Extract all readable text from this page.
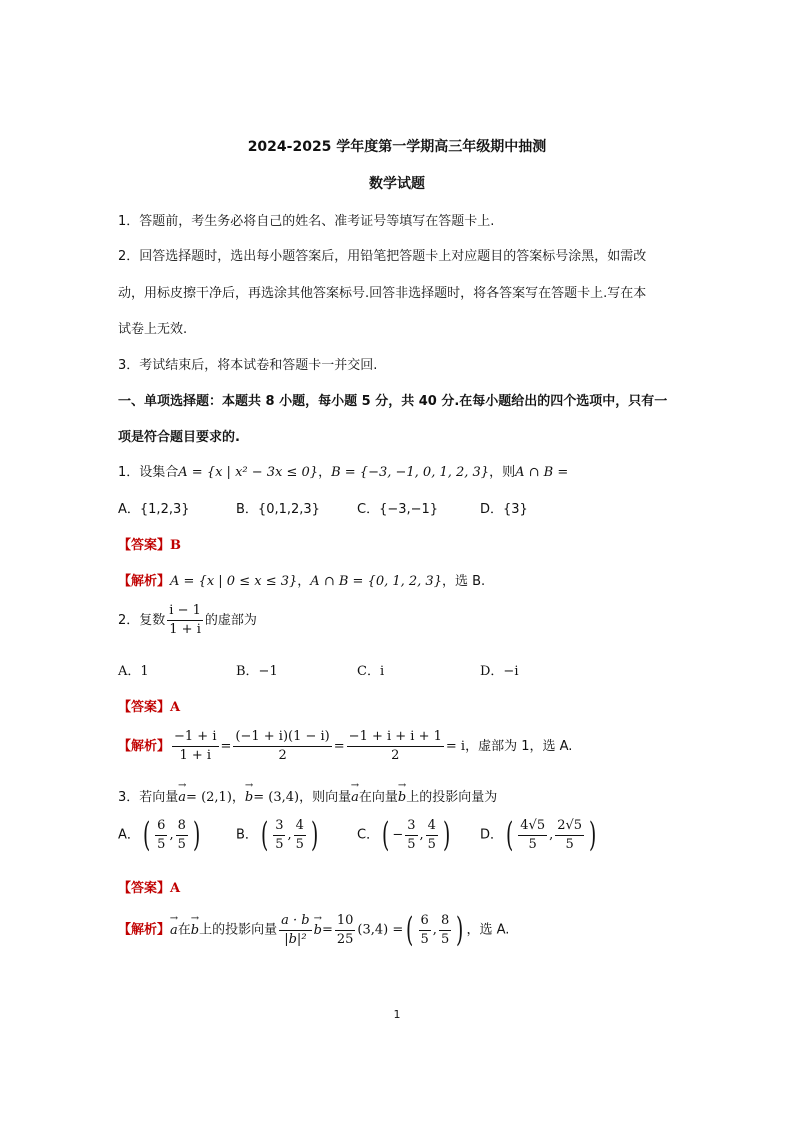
2024-2025 学年度第一学期高三年级期中抽测
数学试题
1．答题前，考生务必将自己的姓名、准考证号等填写在答题卡上.
2．回答选择题时，选出每小题答案后，用铅笔把答题卡上对应题目的答案标号涂黑，如需改
动，用标皮擦干净后，再选涂其他答案标号.回答非选择题时，将各答案写在答题卡上.写在本
试卷上无效.
3．考试结束后，将本试卷和答题卡一并交回.
一、单项选择题：本题共 8 小题，每小题 5 分，共 40 分.在每小题给出的四个选项中，只有一
项是符合题目要求的.
1．设集合A = {x | x² − 3x ≤ 0}，B = {−3, −1, 0, 1, 2, 3}，则A ∩ B =
A．{1,2,3}	B．{0,1,2,3}	C．{−3,−1}	D．{3}
【答案】B
【解析】A = {x | 0 ≤ x ≤ 3}，A ∩ B = {0, 1, 2, 3}，选 B.
2．复数 $\frac{i - 1}{1 + i}$ 的虚部为
A．1	B．−1	C．i	D．−i
【答案】A
【解析】 $\frac{-1 + i}{1 + i} = \frac{(-1 + i)(1 - i)}{2} = \frac{-1 + i + i + 1}{2} = i$，虚部为 1，选 A.
3．若向量→ a= (2,1)，→ b= (3,4)，则向量→ a在向量→ b上的投影向量为
A．( $\frac{6}{5}$ , $\frac{8}{5}$ )	B．( $\frac{3}{5}$ , $\frac{4}{5}$ )	C．( − $\frac{3}{5}$ , $\frac{4}{5}$ ) D．( $\frac{4√5}{5}$ , $\frac{2√5}{5}$ )
【答案】A
【解析】→ a在→ b上的投影向量 $\frac{a \cdot b}{\text{|b|²}} \to b= \frac{10}{25} (3,4)$ =( $\frac{6}{5}$ , $\frac{8}{5}$ ) ，选 A.
1
